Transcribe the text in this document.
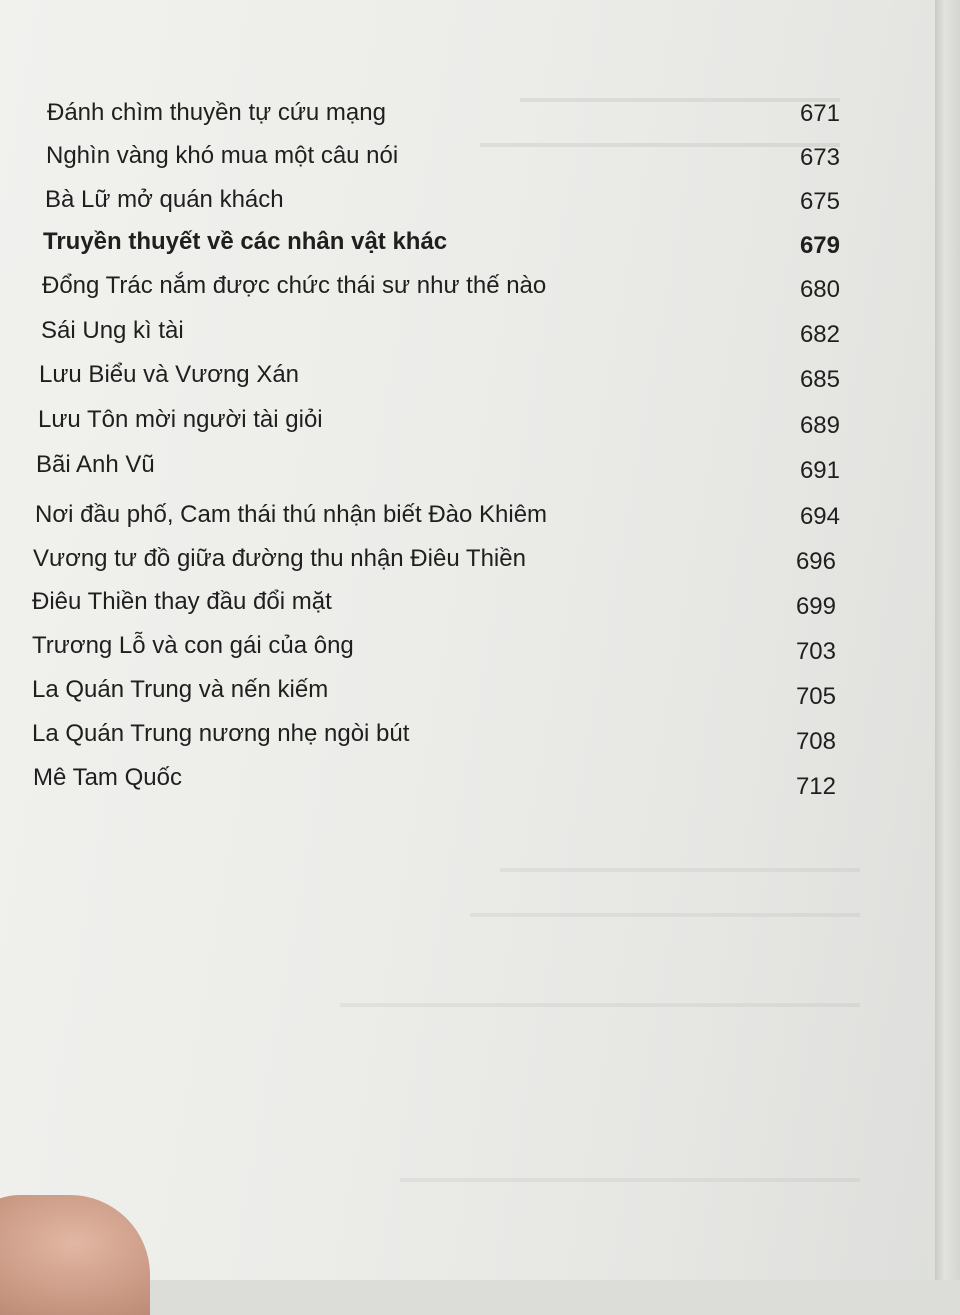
Đánh chìm thuyền tự cứu mạng	671
Nghìn vàng khó mua một câu nói	673
Bà Lữ mở quán khách	675
Truyền thuyết về các nhân vật khác	679
Đổng Trác nắm được chức thái sư như thế nào	680
Sái Ung kì tài	682
Lưu Biểu và Vương Xán	685
Lưu Tôn mời người tài giỏi	689
Bãi Anh Vũ	691
Nơi đầu phố, Cam thái thú nhận biết Đào Khiêm	694
Vương tư đồ giữa đường thu nhận Điêu Thiền	696
Điêu Thiền thay đầu đổi mặt	699
Trương Lỗ và con gái của ông	703
La Quán Trung và nến kiếm	705
La Quán Trung nương nhẹ ngòi bút	708
Mê Tam Quốc	712
